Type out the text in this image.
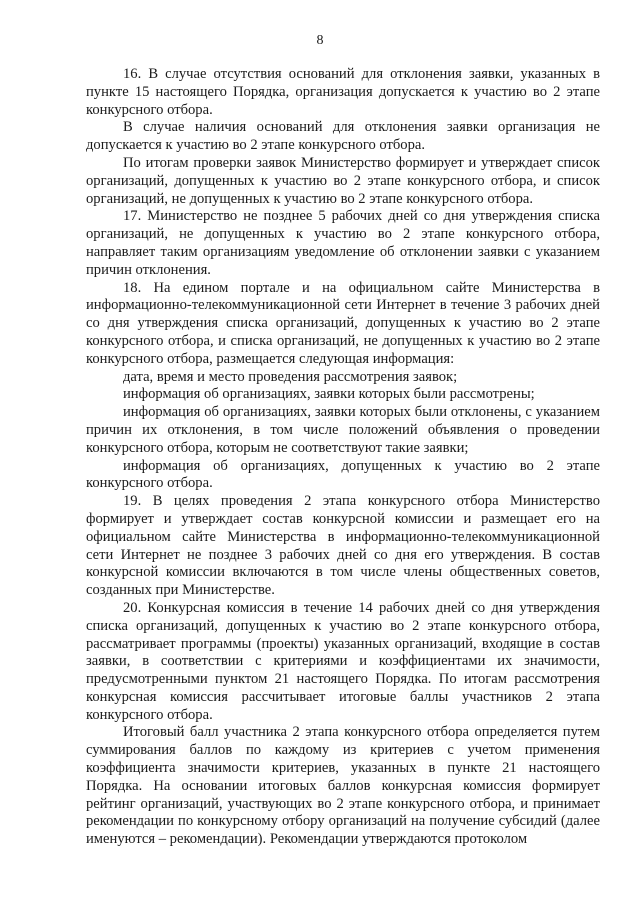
8

16. В случае отсутствия оснований для отклонения заявки, указанных в пункте 15 настоящего Порядка, организация допускается к участию во 2 этапе конкурсного отбора.

В случае наличия оснований для отклонения заявки организация не допускается к участию во 2 этапе конкурсного отбора.

По итогам проверки заявок Министерство формирует и утверждает список организаций, допущенных к участию во 2 этапе конкурсного отбора, и список организаций, не допущенных к участию во 2 этапе конкурсного отбора.

17. Министерство не позднее 5 рабочих дней со дня утверждения списка организаций, не допущенных к участию во 2 этапе конкурсного отбора, направляет таким организациям уведомление об отклонении заявки с указанием причин отклонения.

18. На едином портале и на официальном сайте Министерства в информационно-телекоммуникационной сети Интернет в течение 3 рабочих дней со дня утверждения списка организаций, допущенных к участию во 2 этапе конкурсного отбора, и списка организаций, не допущенных к участию во 2 этапе конкурсного отбора, размещается следующая информация:

дата, время и место проведения рассмотрения заявок;

информация об организациях, заявки которых были рассмотрены;

информация об организациях, заявки которых были отклонены, с указанием причин их отклонения, в том числе положений объявления о проведении конкурсного отбора, которым не соответствуют такие заявки;

информация об организациях, допущенных к участию во 2 этапе конкурсного отбора.

19. В целях проведения 2 этапа конкурсного отбора Министерство формирует и утверждает состав конкурсной комиссии и размещает его на официальном сайте Министерства в информационно-телекоммуникационной сети Интернет не позднее 3 рабочих дней со дня его утверждения. В состав конкурсной комиссии включаются в том числе члены общественных советов, созданных при Министерстве.

20. Конкурсная комиссия в течение 14 рабочих дней со дня утверждения списка организаций, допущенных к участию во 2 этапе конкурсного отбора, рассматривает программы (проекты) указанных организаций, входящие в состав заявки, в соответствии с критериями и коэффициентами их значимости, предусмотренными пунктом 21 настоящего Порядка. По итогам рассмотрения конкурсная комиссия рассчитывает итоговые баллы участников 2 этапа конкурсного отбора.

Итоговый балл участника 2 этапа конкурсного отбора определяется путем суммирования баллов по каждому из критериев с учетом применения коэффициента значимости критериев, указанных в пункте 21 настоящего Порядка. На основании итоговых баллов конкурсная комиссия формирует рейтинг организаций, участвующих во 2 этапе конкурсного отбора, и принимает рекомендации по конкурсному отбору организаций на получение субсидий (далее именуются – рекомендации). Рекомендации утверждаются протоколом
